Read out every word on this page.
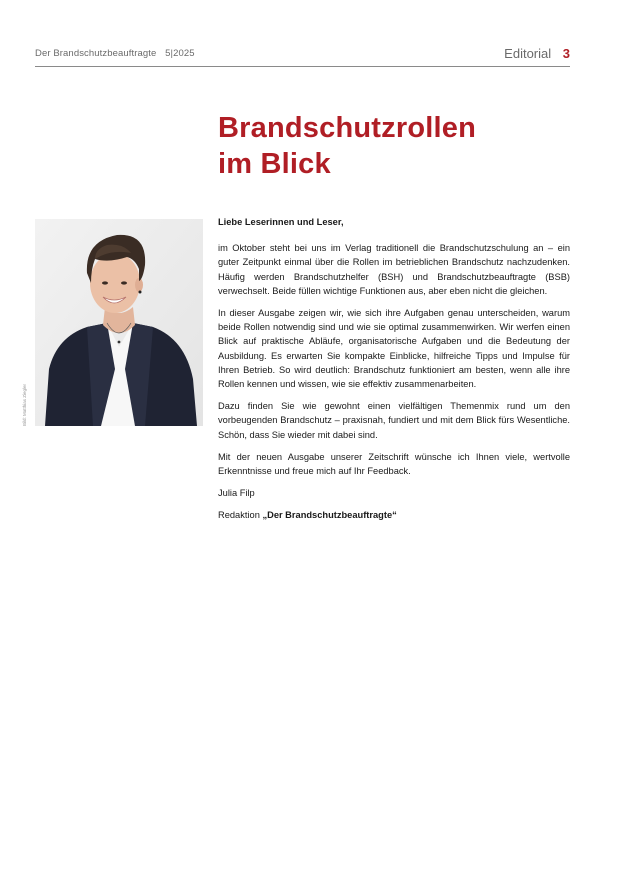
Der Brandschutzbeauftragte 5|2025	Editorial 3
Brandschutzrollen
im Blick
Bild: Matthias Ziegler

Liebe Leserinnen und Leser,

im Oktober steht bei uns im Verlag traditionell die Brandschutzschulung an – ein guter Zeitpunkt einmal über die Rollen im betrieblichen Brandschutz nachzudenken. Häufig werden Brandschutzhelfer (BSH) und Brandschutzbeauftragte (BSB) verwechselt. Beide füllen wichtige Funktionen aus, aber eben nicht die gleichen.

In dieser Ausgabe zeigen wir, wie sich ihre Aufgaben genau unterscheiden, warum beide Rollen notwendig sind und wie sie optimal zusammenwirken. Wir werfen einen Blick auf praktische Abläufe, organisatorische Aufgaben und die Bedeutung der Ausbildung. Es erwarten Sie kompakte Einblicke, hilfreiche Tipps und Impulse für Ihren Betrieb. So wird deutlich: Brandschutz funktioniert am besten, wenn alle ihre Rollen kennen und wissen, wie sie effektiv zusammenarbeiten.

Dazu finden Sie wie gewohnt einen vielfältigen Themenmix rund um den vorbeugenden Brandschutz – praxisnah, fundiert und mit dem Blick fürs Wesentliche. Schön, dass Sie wieder mit dabei sind.

Mit der neuen Ausgabe unserer Zeitschrift wünsche ich Ihnen viele, wertvolle Erkenntnisse und freue mich auf Ihr Feedback.

Julia Filp

Redaktion „Der Brandschutzbeauftragte“
